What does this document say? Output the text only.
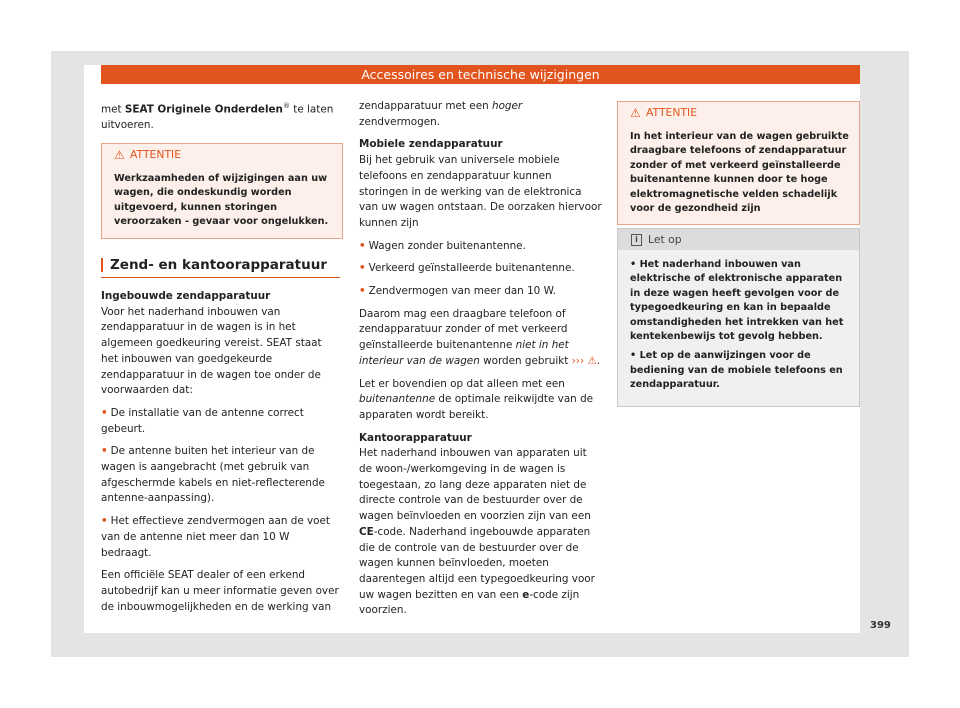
Accessoires en technische wijzigingen

met SEAT Originele Onderdelen® te laten uitvoeren.

⚠ ATTENTIE
Werkzaamheden of wijzigingen aan uw wagen, die ondeskundig worden uitgevoerd, kunnen storingen veroorzaken - gevaar voor ongelukken.
Zend- en kantoorapparatuur
Ingebouwde zendapparatuur

Voor het naderhand inbouwen van zendapparatuur in de wagen is in het algemeen goedkeuring vereist. SEAT staat het inbouwen van goedgekeurde zendapparatuur in de wagen toe onder de voorwaarden dat:

• De installatie van de antenne correct gebeurt.

• De antenne buiten het interieur van de wagen is aangebracht (met gebruik van afgeschermde kabels en niet-reflecterende antenne-aanpassing).

• Het effectieve zendvermogen aan de voet van de antenne niet meer dan 10 W bedraagt.

Een officiële SEAT dealer of een erkend autobedrijf kan u meer informatie geven over de inbouwmogelijkheden en de werking van

zendapparatuur met een hoger zendvermogen.

Mobiele zendapparatuur

Bij het gebruik van universele mobiele telefoons en zendapparatuur kunnen storingen in de werking van de elektronica van uw wagen ontstaan. De oorzaken hiervoor kunnen zijn

• Wagen zonder buitenantenne.

• Verkeerd geïnstalleerde buitenantenne.

• Zendvermogen van meer dan 10 W.

Daarom mag een draagbare telefoon of zendapparatuur zonder of met verkeerd geïnstalleerde buitenantenne niet in het interieur van de wagen worden gebruikt ››› ⚠.

Let er bovendien op dat alleen met een buitenantenne de optimale reikwijdte van de apparaten wordt bereikt.

Kantoorapparatuur

Het naderhand inbouwen van apparaten uit de woon-/werkomgeving in de wagen is toegestaan, zo lang deze apparaten niet de directe controle van de bestuurder over de wagen beïnvloeden en voorzien zijn van een CE-code. Naderhand ingebouwde apparaten die de controle van de bestuurder over de wagen kunnen beïnvloeden, moeten daarentegen altijd een typegoedkeuring voor uw wagen bezitten en van een e-code zijn voorzien.

⚠ ATTENTIE
In het interieur van de wagen gebruikte draagbare telefoons of zendapparatuur zonder of met verkeerd geïnstalleerde buitenantenne kunnen door te hoge elektromagnetische velden schadelijk voor de gezondheid zijn
i Let op

• Het naderhand inbouwen van elektrische of elektronische apparaten in deze wagen heeft gevolgen voor de typegoedkeuring en kan in bepaalde omstandigheden het intrekken van het kentekenbewijs tot gevolg hebben.

• Let op de aanwijzingen voor de bediening van de mobiele telefoons en zendapparatuur.

399
